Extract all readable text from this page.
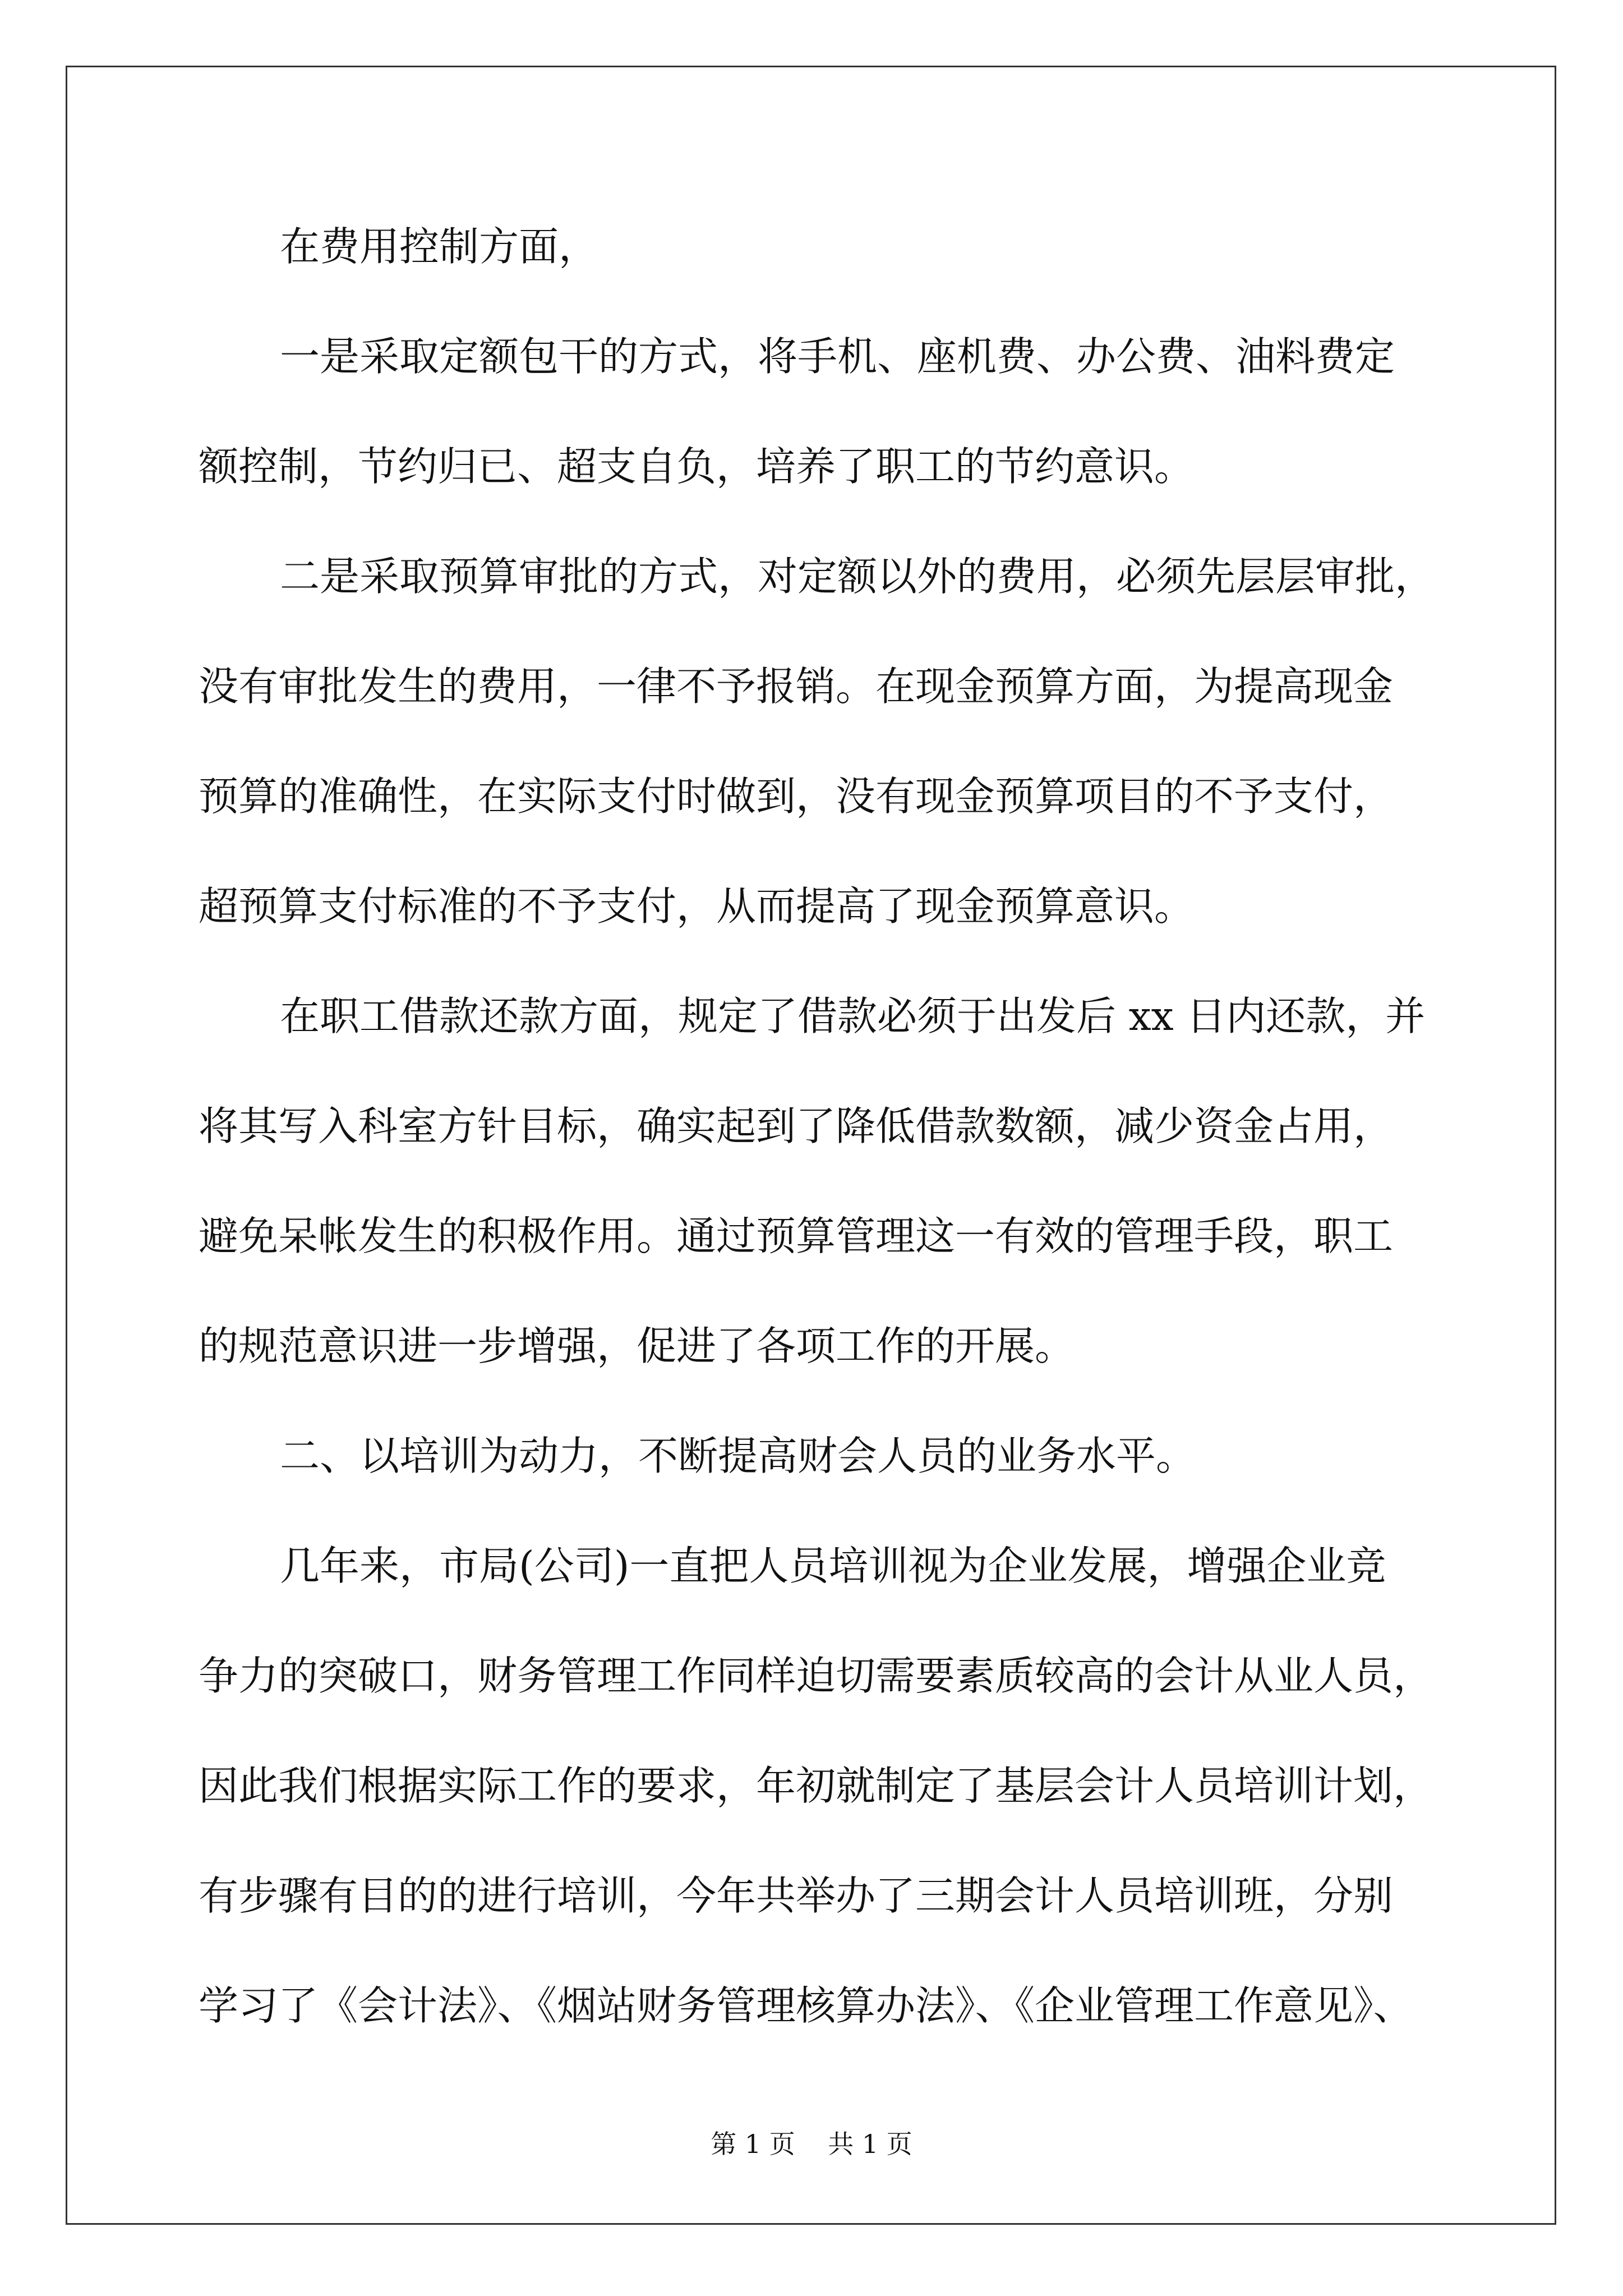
在费用控制方面，
一是采取定额包干的方式，将手机、座机费、办公费、油料费定
额控制，节约归已、超支自负，培养了职工的节约意识。
二是采取预算审批的方式，对定额以外的费用，必须先层层审批，
没有审批发生的费用，一律不予报销。在现金预算方面，为提高现金
预算的准确性，在实际支付时做到，没有现金预算项目的不予支付，
超预算支付标准的不予支付，从而提高了现金预算意识。
在职工借款还款方面，规定了借款必须于出发后 xx 日内还款，并
将其写入科室方针目标，确实起到了降低借款数额，减少资金占用，
避免呆帐发生的积极作用。通过预算管理这一有效的管理手段，职工
的规范意识进一步增强，促进了各项工作的开展。
二、以培训为动力，不断提高财会人员的业务水平。
几年来，市局(公司)一直把人员培训视为企业发展，增强企业竞
争力的突破口，财务管理工作同样迫切需要素质较高的会计从业人员，
因此我们根据实际工作的要求，年初就制定了基层会计人员培训计划，
有步骤有目的的进行培训，今年共举办了三期会计人员培训班，分别
学习了《会计法》、《烟站财务管理核算办法》、《企业管理工作意见》、
第 1 页    共 1 页
